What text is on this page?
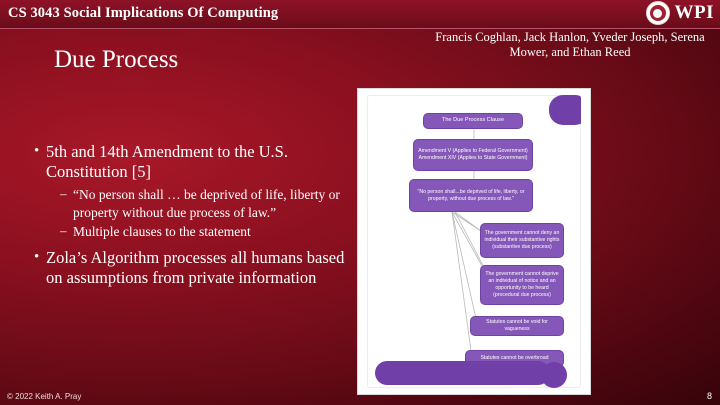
CS 3043 Social Implications Of Computing	WPI
Due Process
Francis Coghlan, Jack Hanlon, Yveder Joseph, Serena Mower, and Ethan Reed
• 5th and 14th Amendment to the U.S. Constitution [5]
– “No person shall … be deprived of life, liberty or property without due process of law.”
– Multiple clauses to the statement
• Zola’s Algorithm processes all humans based on assumptions from private information
The Due Process Clause
Amendment V (Applies to Federal Government) Amendment XIV (Applies to State Government)
"No person shall...be deprived of life, liberty, or property, without due process of law."
The government cannot deny an individual their substantive rights (substantive due process)
The government cannot deprive an individual of notice and an opportunity to be heard (procedural due process)
Statutes cannot be void for vagueness
Statutes cannot be overbroad
© 2022 Keith A. Pray	8
